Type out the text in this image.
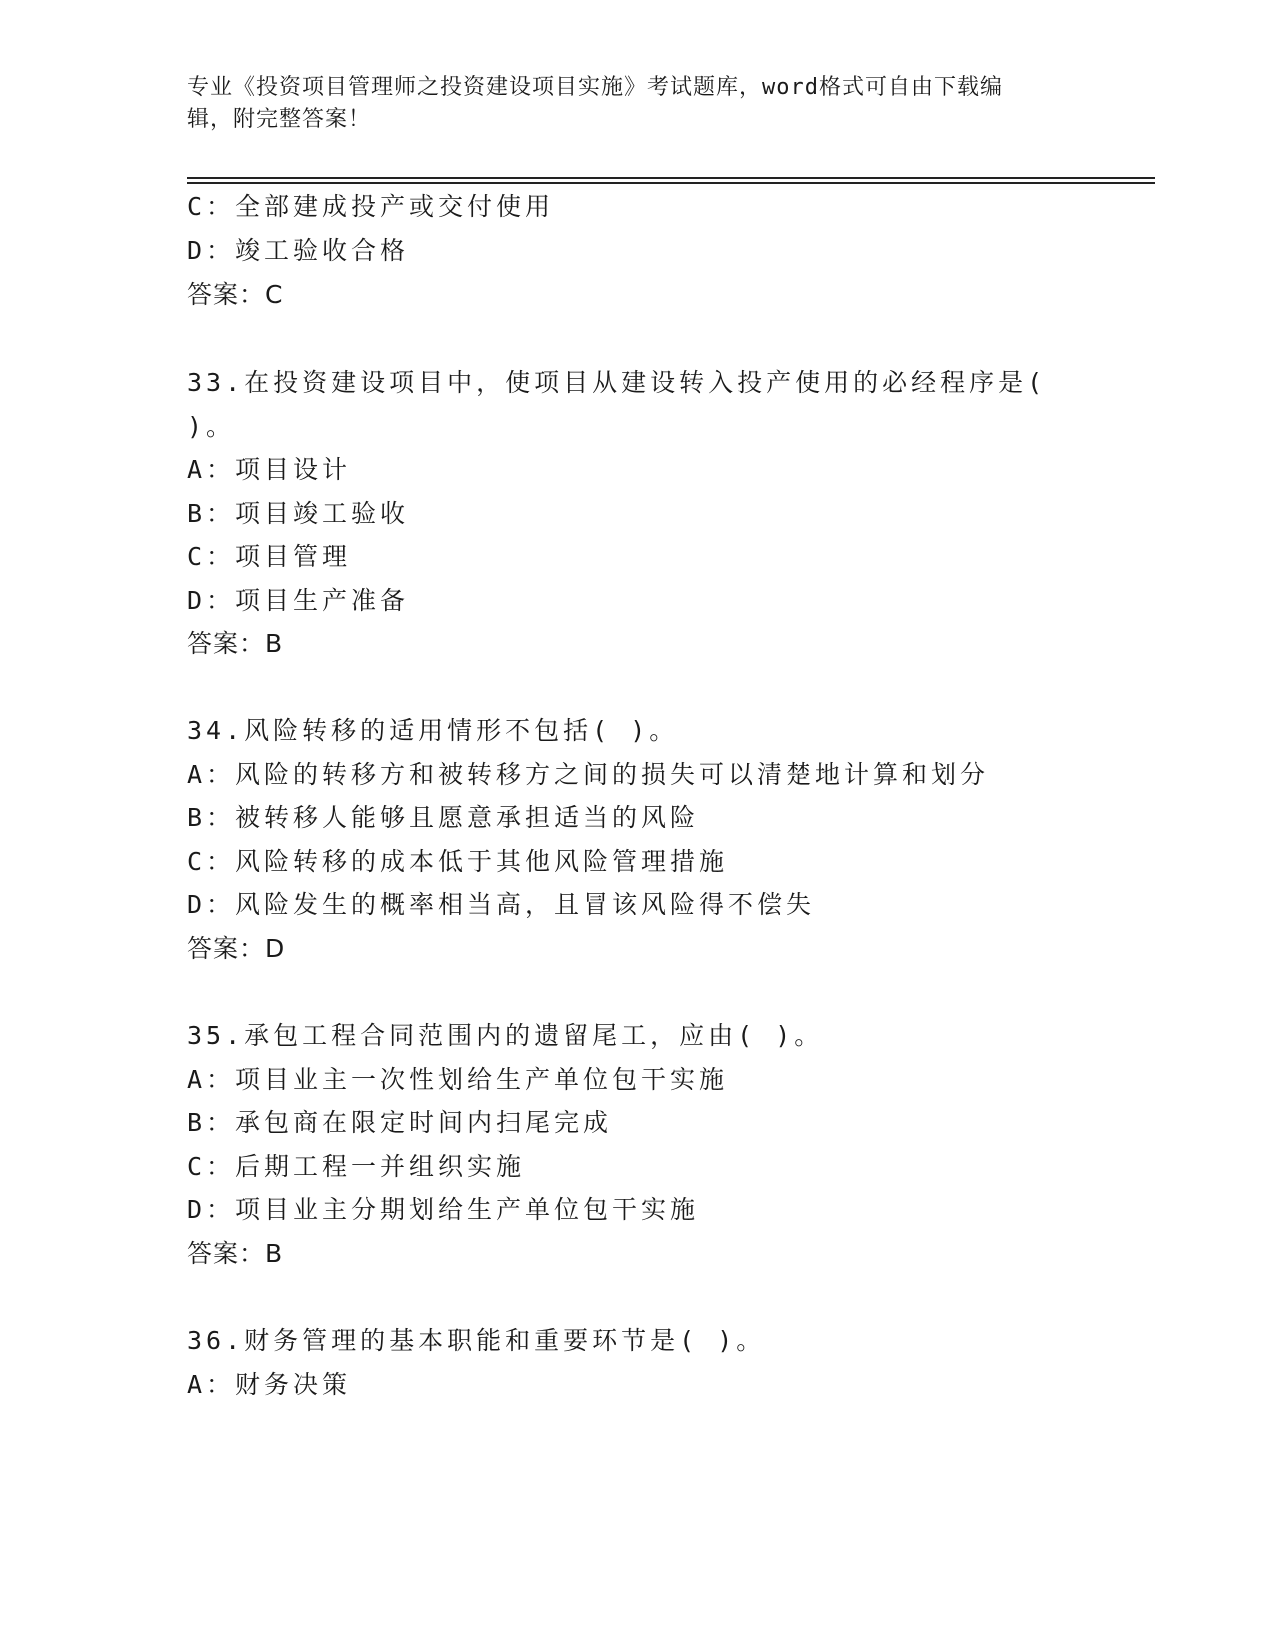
专业《投资项目管理师之投资建设项目实施》考试题库，word格式可自由下载编
辑，附完整答案！
C：全部建成投产或交付使用
D：竣工验收合格
答案：C
33.在投资建设项目中，使项目从建设转入投产使用的必经程序是(
)。
A：项目设计
B：项目竣工验收
C：项目管理
D：项目生产准备
答案：B
34.风险转移的适用情形不包括( )。
A：风险的转移方和被转移方之间的损失可以清楚地计算和划分
B：被转移人能够且愿意承担适当的风险
C：风险转移的成本低于其他风险管理措施
D：风险发生的概率相当高，且冒该风险得不偿失
答案：D
35.承包工程合同范围内的遗留尾工，应由( )。
A：项目业主一次性划给生产单位包干实施
B：承包商在限定时间内扫尾完成
C：后期工程一并组织实施
D：项目业主分期划给生产单位包干实施
答案：B
36.财务管理的基本职能和重要环节是( )。
A：财务决策
